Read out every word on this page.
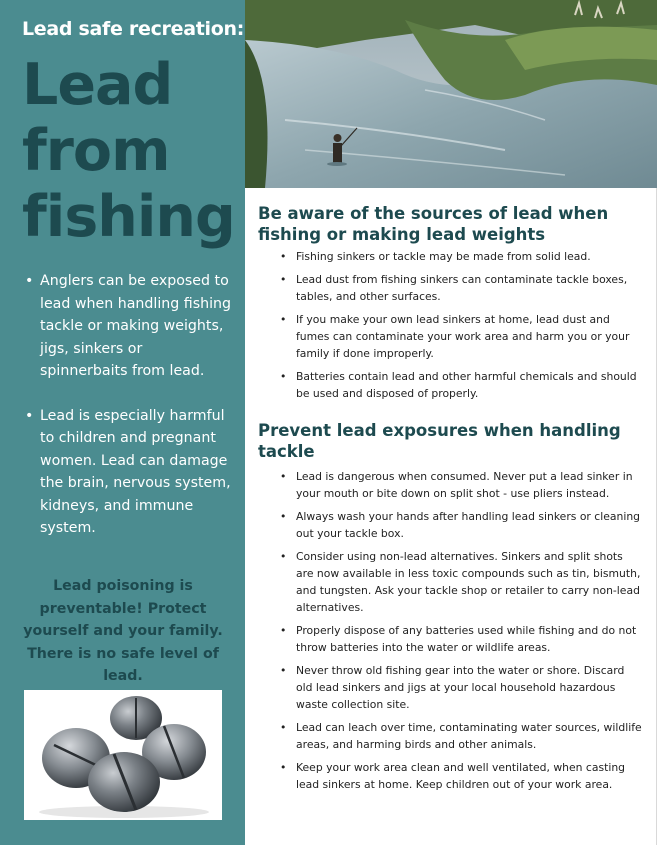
Lead safe recreation:
Lead
from
fishing
• Anglers can be exposed to lead when handling fishing tackle or making weights, jigs, sinkers or spinnerbaits from lead.
• Lead is especially harmful to children and pregnant women. Lead can damage the brain, nervous system, kidneys, and immune system.
Lead poisoning is preventable! Protect yourself and your family. There is no safe level of lead.
Be aware of the sources of lead when fishing or making lead weights
• Fishing sinkers or tackle may be made from solid lead.
• Lead dust from fishing sinkers can contaminate tackle boxes, tables, and other surfaces.
• If you make your own lead sinkers at home, lead dust and fumes can contaminate your work area and harm you or your family if done improperly.
• Batteries contain lead and other harmful chemicals and should be used and disposed of properly.
Prevent lead exposures when handling tackle
• Lead is dangerous when consumed. Never put a lead sinker in your mouth or bite down on split shot - use pliers instead.
• Always wash your hands after handling lead sinkers or cleaning out your tackle box.
• Consider using non-lead alternatives. Sinkers and split shots are now available in less toxic compounds such as tin, bismuth, and tungsten. Ask your tackle shop or retailer to carry non-lead alternatives.
• Properly dispose of any batteries used while fishing and do not throw batteries into the water or wildlife areas.
• Never throw old fishing gear into the water or shore. Discard old lead sinkers and jigs at your local household hazardous waste collection site.
• Lead can leach over time, contaminating water sources, wildlife areas, and harming birds and other animals.
• Keep your work area clean and well ventilated, when casting lead sinkers at home. Keep children out of your work area.
